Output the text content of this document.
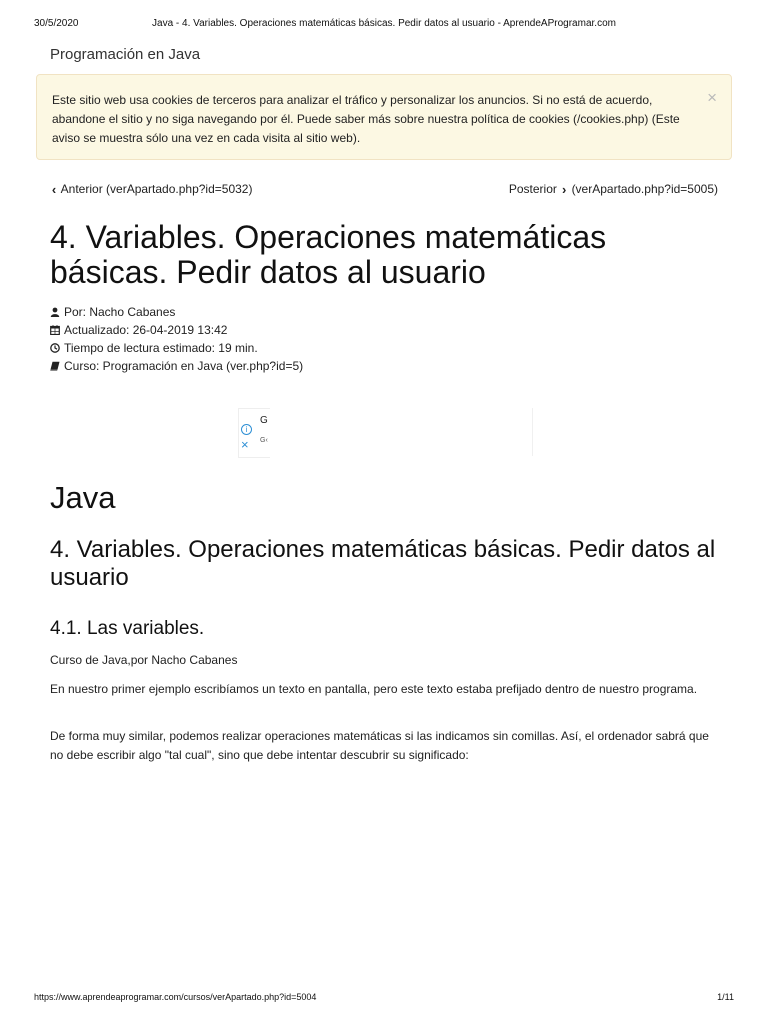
30/5/2020	Java - 4. Variables. Operaciones matemáticas básicas. Pedir datos al usuario - AprendeAProgramar.com
Programación en Java
Este sitio web usa cookies de terceros para analizar el tráfico y personalizar los anuncios. Si no está de acuerdo, abandone el sitio y no siga navegando por él. Puede saber más sobre nuestra política de cookies (/cookies.php) (Este aviso se muestra sólo una vez en cada visita al sitio web).
×
‹ Anterior (verApartado.php?id=5032)	Posterior › (verApartado.php?id=5005)
4. Variables. Operaciones matemáticas básicas. Pedir datos al usuario
Por: Nacho Cabanes
Actualizado: 26-04-2019 13:42
Tiempo de lectura estimado: 19 min.
Curso: Programación en Java (ver.php?id=5)
i
×
G
G‹
Java
4. Variables. Operaciones matemáticas básicas. Pedir datos al usuario
4.1. Las variables.

Curso de Java,por Nacho Cabanes

En nuestro primer ejemplo escribíamos un texto en pantalla, pero este texto estaba prefijado dentro de nuestro programa.

De forma muy similar, podemos realizar operaciones matemáticas si las indicamos sin comillas. Así, el ordenador sabrá que no debe escribir algo "tal cual", sino que debe intentar descubrir su significado:

https://www.aprendeaprogramar.com/cursos/verApartado.php?id=5004	1/11
